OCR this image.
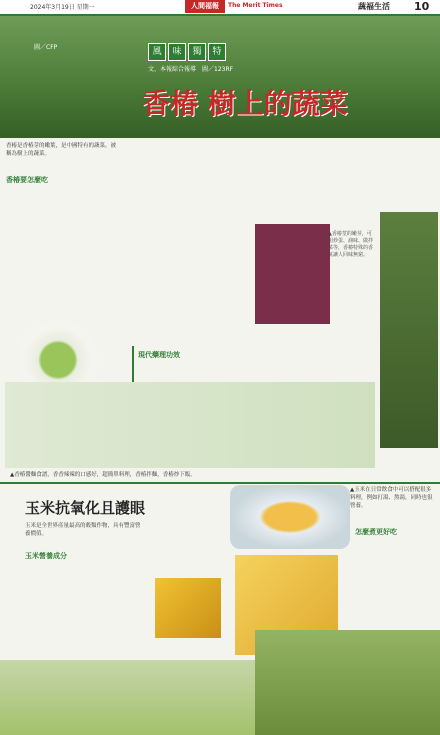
2024年3月19日 星期一	人間福報	The Merit Times	蔬福生活 10
圖／CFP	風	味	獨	特
文、本報綜合報導　圖／123RF
香椿 樹上的蔬菜
香椿是香椿芽的嫩葉，是中國特有的蔬菜，被稱為樹上的蔬菜。
香椿要怎麼吃
▲香椿莖的嫩芽，可用炒蛋、滷味、做拌菜等，香椿特殊的香氣讓人回味無窮。
現代藥理功效
▲香椿醬麵食譜，香香辣辣的口感好，超簡單料理，香椿拌麵，香椿炒下飯。
玉米抗氧化且護眼
▲玉米在日常飲食中可以搭配很多料理，例如打湯、熬湯，同時也很營養。
玉米是全世界產量最高的穀類作物，具有豐富營養價值。
玉米營養成分
怎麼煮更好吃
